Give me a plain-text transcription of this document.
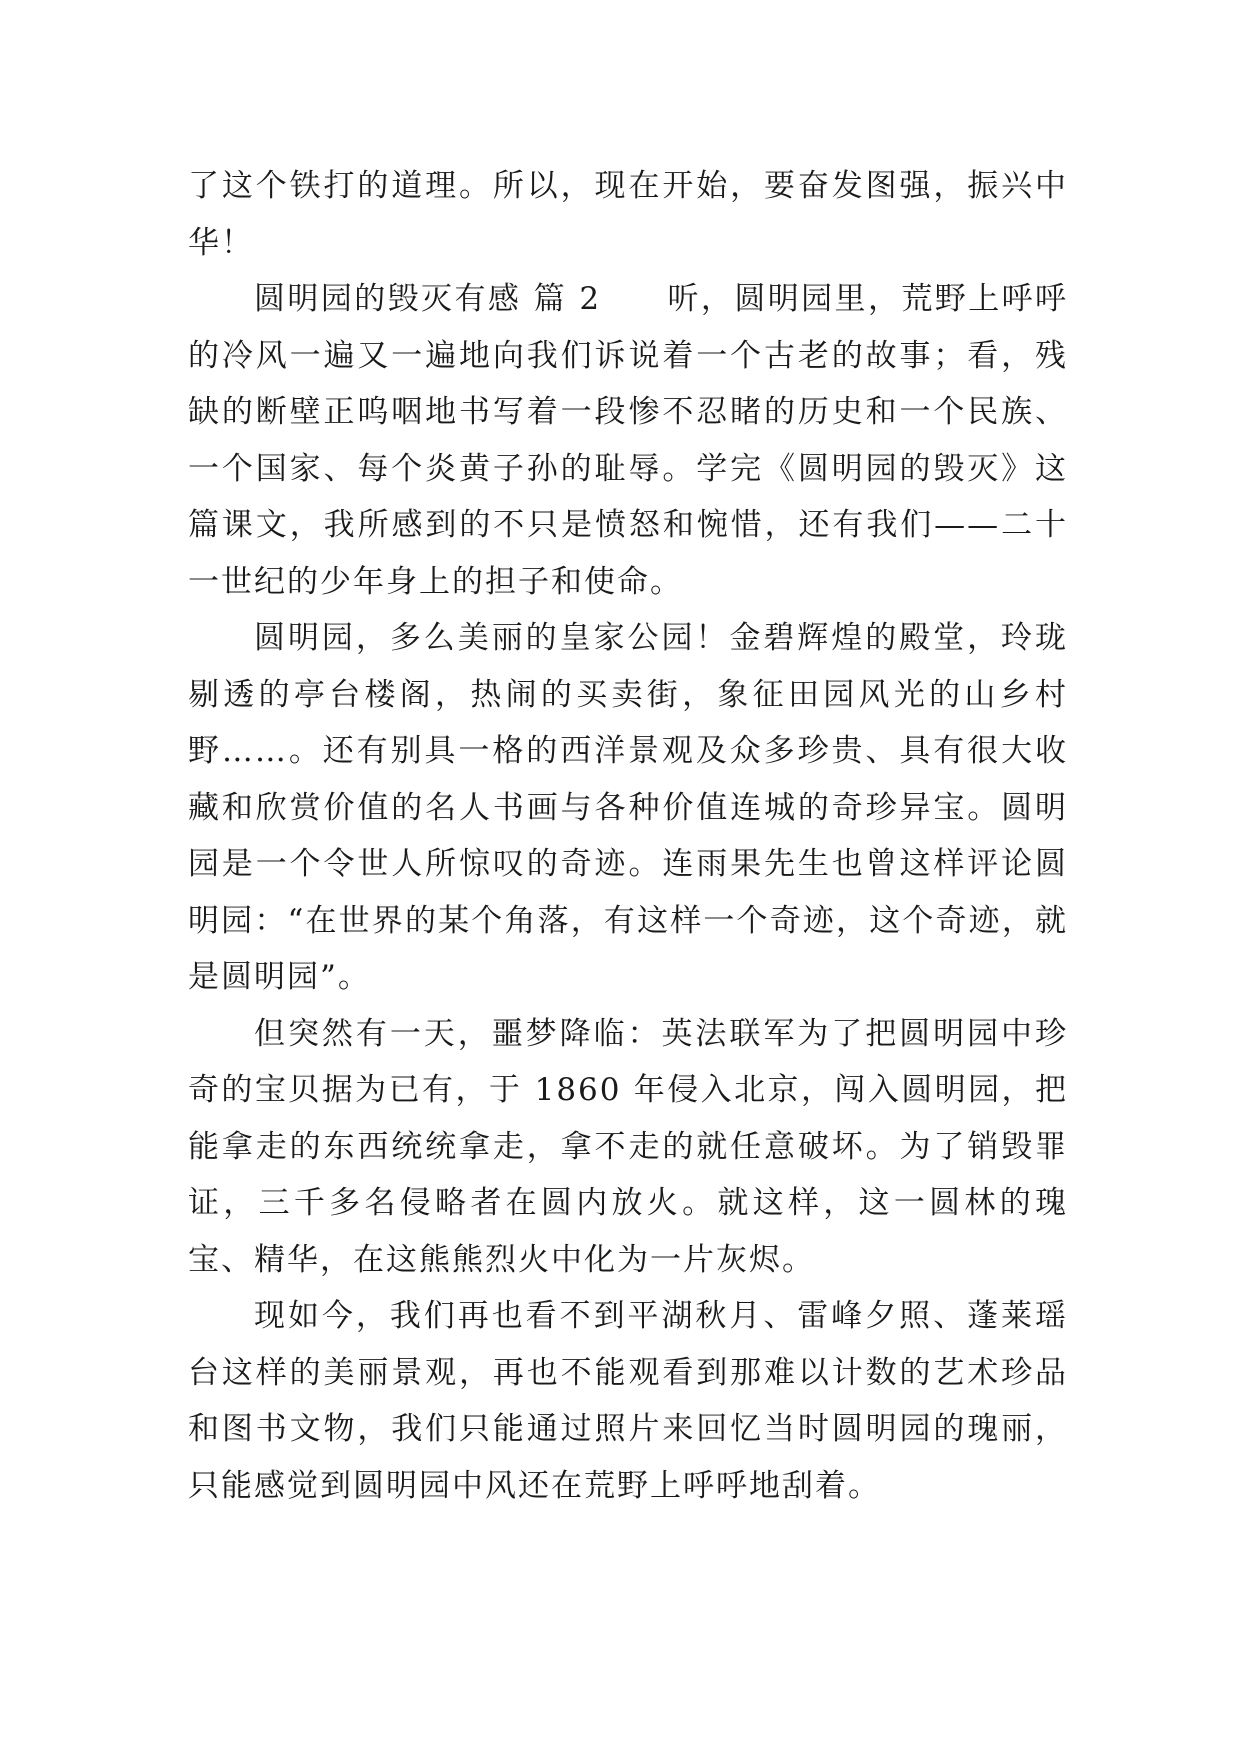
了这个铁打的道理。所以，现在开始，要奋发图强，振兴中华！

圆明园的毁灭有感 篇 2 听，圆明园里，荒野上呼呼的冷风一遍又一遍地向我们诉说着一个古老的故事；看，残缺的断壁正呜咽地书写着一段惨不忍睹的历史和一个民族、一个国家、每个炎黄子孙的耻辱。学完《圆明园的毁灭》这篇课文，我所感到的不只是愤怒和惋惜，还有我们——二十一世纪的少年身上的担子和使命。

圆明园，多么美丽的皇家公园！金碧辉煌的殿堂，玲珑剔透的亭台楼阁，热闹的买卖街，象征田园风光的山乡村野……。还有别具一格的西洋景观及众多珍贵、具有很大收藏和欣赏价值的名人书画与各种价值连城的奇珍异宝。圆明园是一个令世人所惊叹的奇迹。连雨果先生也曾这样评论圆明园：“在世界的某个角落，有这样一个奇迹，这个奇迹，就是圆明园”。

但突然有一天，噩梦降临：英法联军为了把圆明园中珍奇的宝贝据为已有，于 1860 年侵入北京，闯入圆明园，把能拿走的东西统统拿走，拿不走的就任意破坏。为了销毁罪证，三千多名侵略者在圆内放火。就这样，这一圆林的瑰宝、精华，在这熊熊烈火中化为一片灰烬。

现如今，我们再也看不到平湖秋月、雷峰夕照、蓬莱瑶台这样的美丽景观，再也不能观看到那难以计数的艺术珍品和图书文物，我们只能通过照片来回忆当时圆明园的瑰丽，只能感觉到圆明园中风还在荒野上呼呼地刮着。
